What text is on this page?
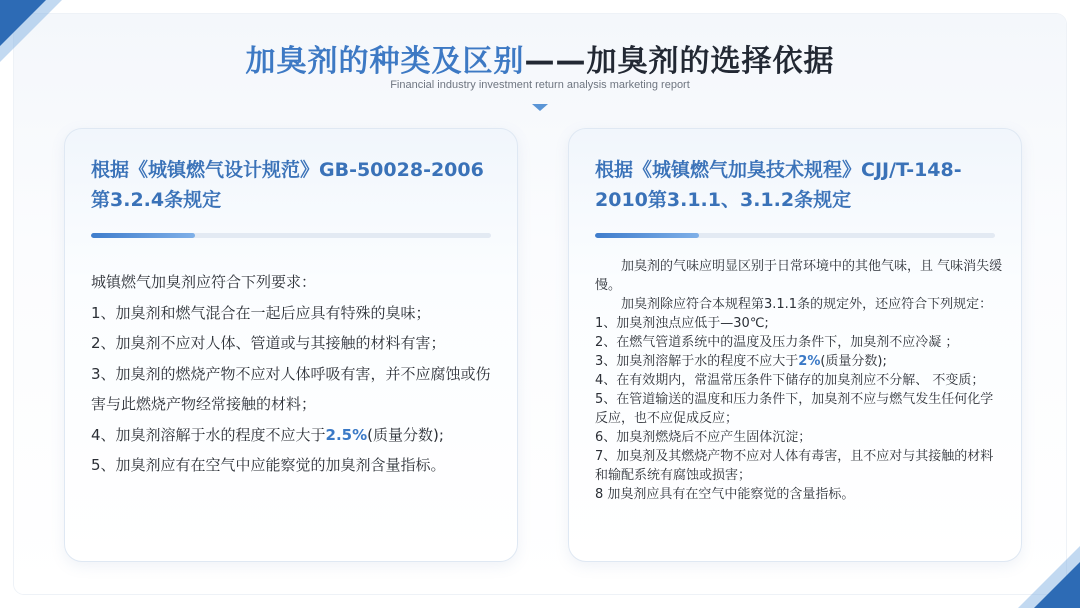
加臭剂的种类及区别——加臭剂的选择依据
Financial industry investment return analysis marketing report
根据《城镇燃气设计规范》GB-50028-2006第3.2.4条规定

城镇燃气加臭剂应符合下列要求：

1、加臭剂和燃气混合在一起后应具有特殊的臭味；

2、加臭剂不应对人体、管道或与其接触的材料有害；

3、加臭剂的燃烧产物不应对人体呼吸有害，并不应腐蚀或伤害与此燃烧产物经常接触的材料；

4、加臭剂溶解于水的程度不应大于2.5%(质量分数);

5、加臭剂应有在空气中应能察觉的加臭剂含量指标。

根据《城镇燃气加臭技术规程》CJJ/T-148-2010第3.1.1、3.1.2条规定

加臭剂的气味应明显区别于日常环境中的其他气味，且 气味消失缓慢。

加臭剂除应符合本规程第3.1.1条的规定外，还应符合下列规定：

1、加臭剂浊点应低于—30℃;

2、在燃气管道系统中的温度及压力条件下，加臭剂不应冷凝 ；

3、加臭剂溶解于水的程度不应大于2%(质量分数);

4、在有效期内，常温常压条件下储存的加臭剂应不分解、 不变质；

5、在管道输送的温度和压力条件下，加臭剂不应与燃气发生任何化学反应，也不应促成反应；

6、加臭剂燃烧后不应产生固体沉淀；

7、加臭剂及其燃烧产物不应对人体有毒害，且不应对与其接触的材料和输配系统有腐蚀或损害；

8 加臭剂应具有在空气中能察觉的含量指标。
